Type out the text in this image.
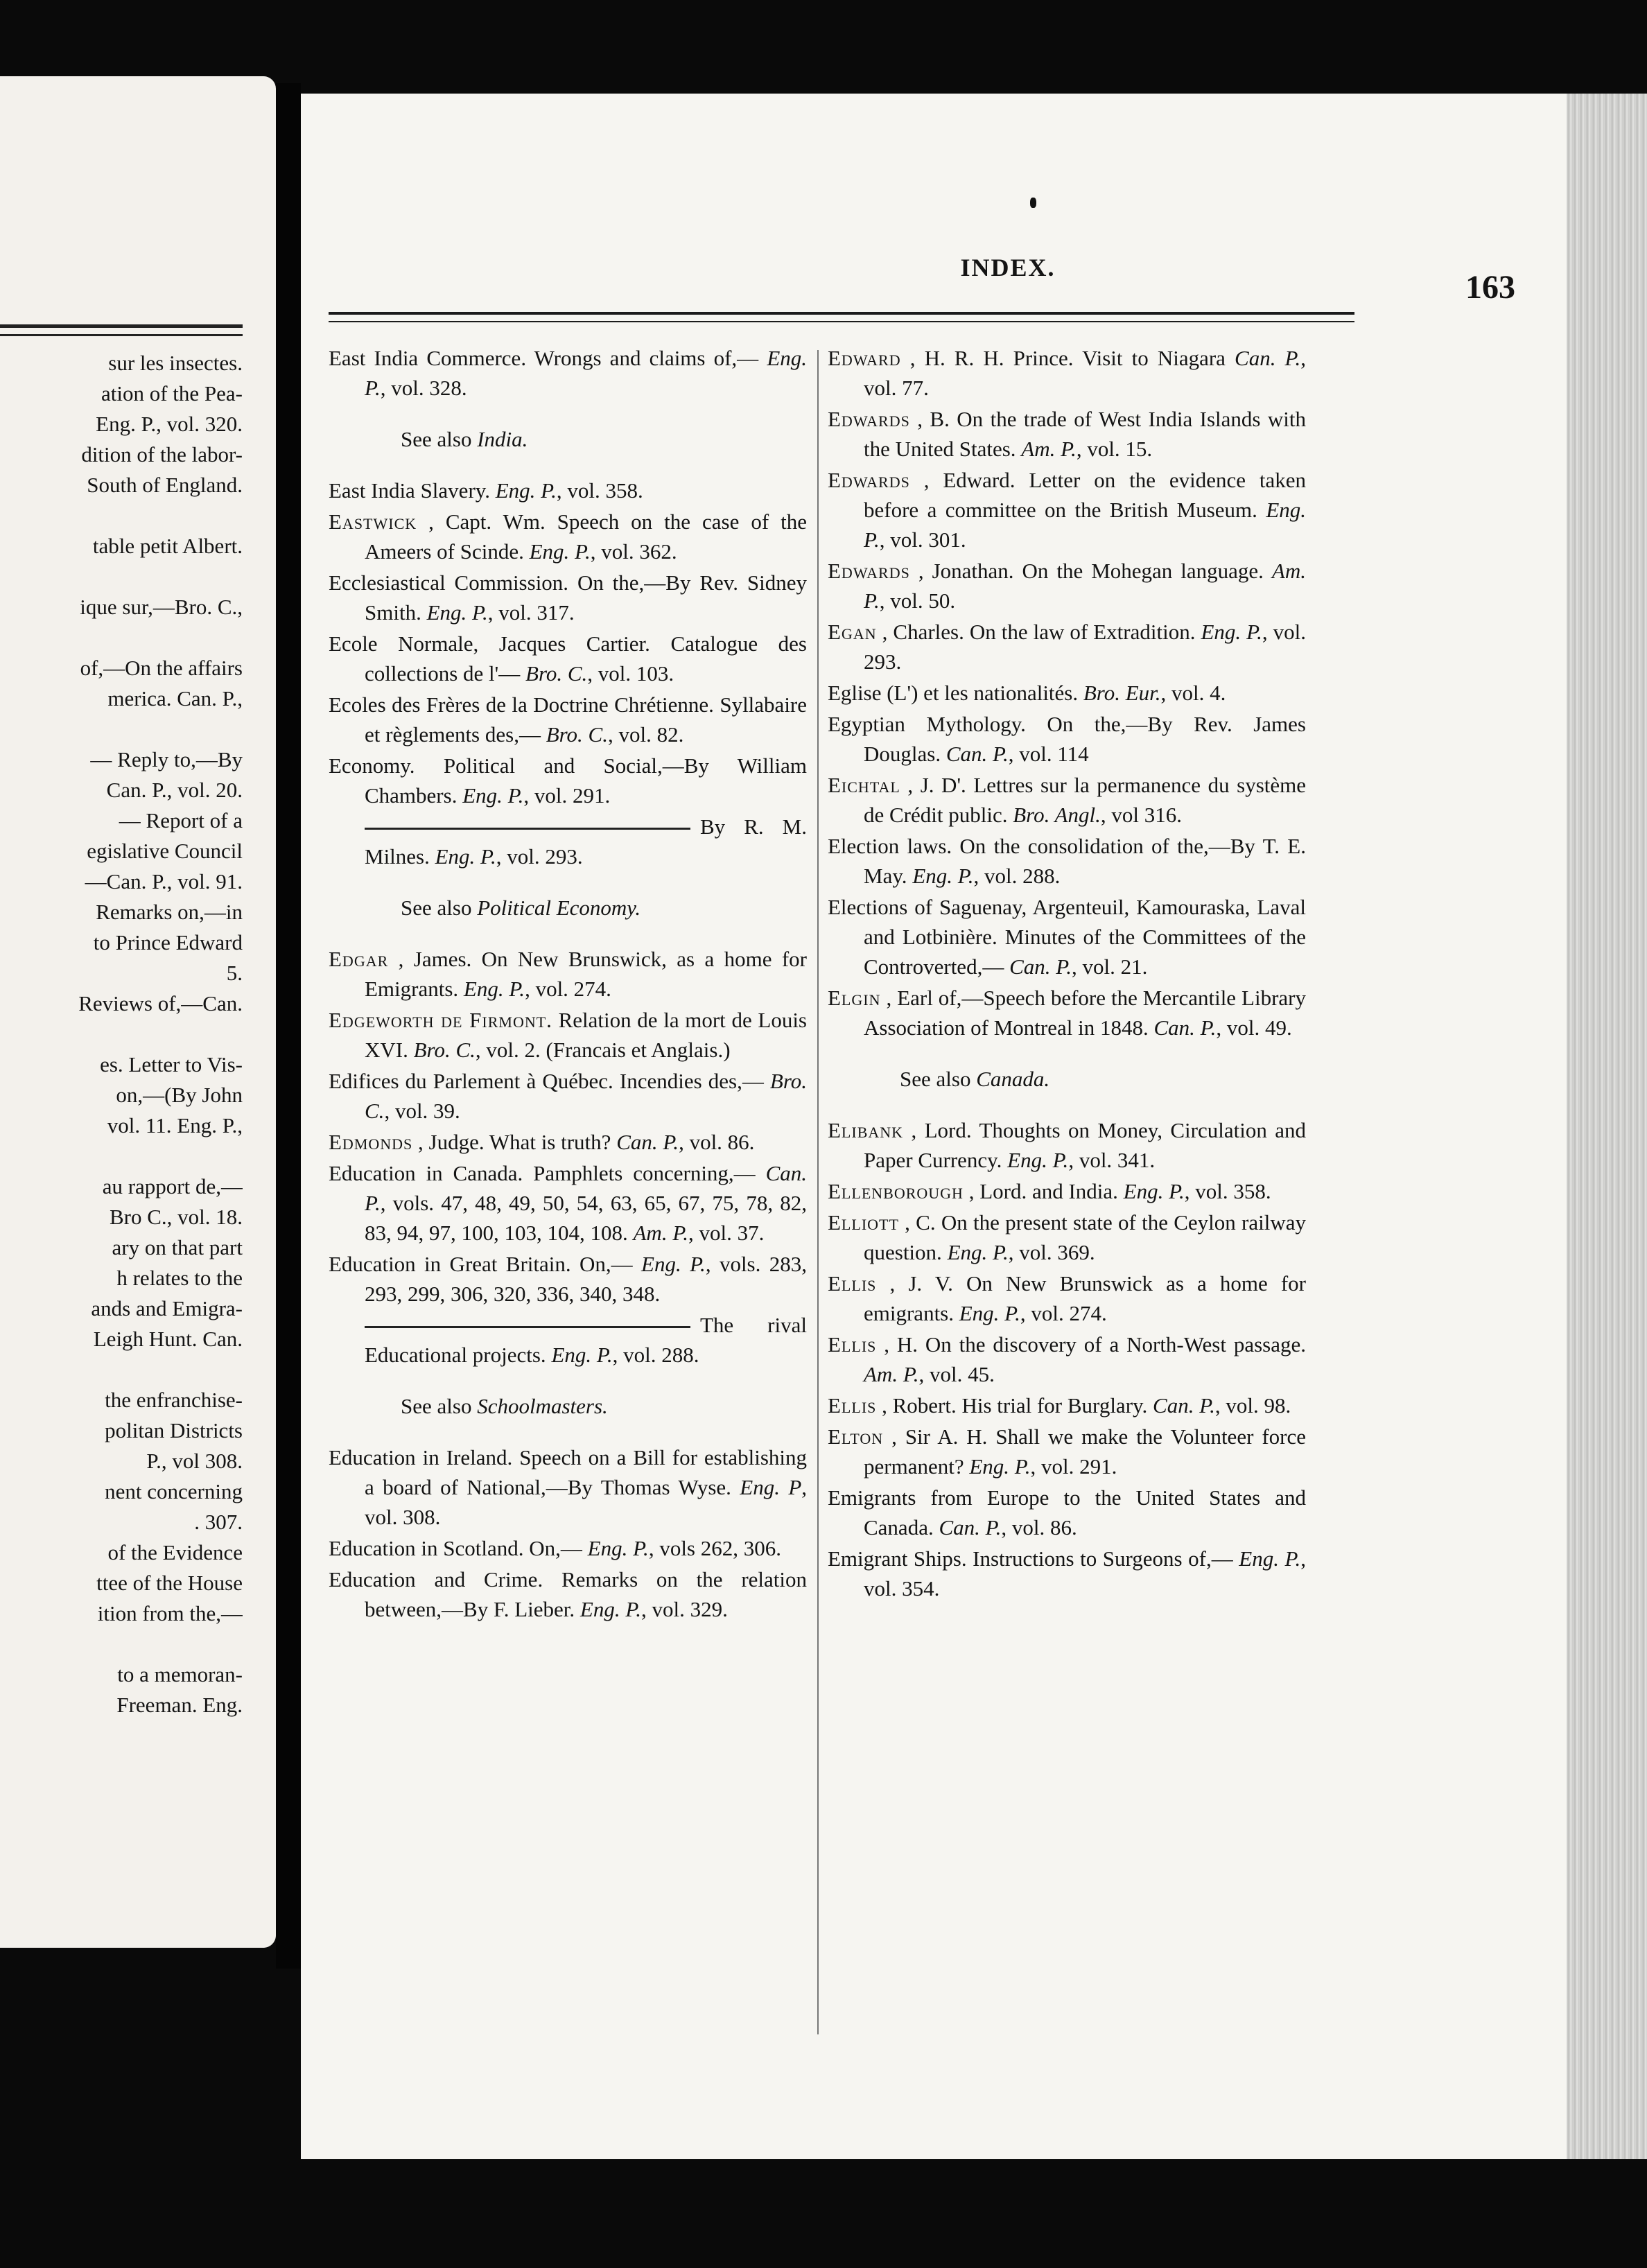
sur les insectes.
ation of the Pea-
Eng. P., vol. 320.
dition of the labor-
South of England.
table petit Albert.
ique sur,—Bro. C.,
of,—On the affairs
merica. Can. P.,
— Reply to,—By
Can. P., vol. 20.
— Report of a
egislative Council
—Can. P., vol. 91.
Remarks on,—in
to Prince Edward
5.
Reviews of,—Can.
es. Letter to Vis-
on,—(By John
vol. 11. Eng. P.,
au rapport de,—
Bro C., vol. 18.
ary on that part
h relates to the
ands and Emigra-
Leigh Hunt. Can.
the enfranchise-
politan Districts
P., vol 308.
nent concerning
. 307.
of the Evidence
ttee of the House
ition from the,—
to a memoran-
Freeman. Eng.
INDEX.
163

East India Commerce. Wrongs and claims of,— Eng. P., vol. 328.

See also India.

East India Slavery. Eng. P., vol. 358.

Eastwick , Capt. Wm. Speech on the case of the Ameers of Scinde. Eng. P., vol. 362.

Ecclesiastical Commission. On the,—By Rev. Sidney Smith. Eng. P., vol. 317.

Ecole Normale, Jacques Cartier. Catalogue des collections de l'— Bro. C., vol. 103.

Ecoles des Frères de la Doctrine Chrétienne. Syllabaire et règlements des,— Bro. C., vol. 82.

Economy. Political and Social,—By William Chambers. Eng. P., vol. 291.

By R. M. Milnes. Eng. P., vol. 293.

See also Political Economy.

Edgar , James. On New Brunswick, as a home for Emigrants. Eng. P., vol. 274.

Edgeworth de Firmont. Relation de la mort de Louis XVI. Bro. C., vol. 2. (Francais et Anglais.)

Edifices du Parlement à Québec. Incendies des,— Bro. C., vol. 39.

Edmonds , Judge. What is truth? Can. P., vol. 86.

Education in Canada. Pamphlets concerning,— Can. P., vols. 47, 48, 49, 50, 54, 63, 65, 67, 75, 78, 82, 83, 94, 97, 100, 103, 104, 108. Am. P., vol. 37.

Education in Great Britain. On,— Eng. P., vols. 283, 293, 299, 306, 320, 336, 340, 348.

The rival Educational projects. Eng. P., vol. 288.

See also Schoolmasters.

Education in Ireland. Speech on a Bill for establishing a board of National,—By Thomas Wyse. Eng. P, vol. 308.

Education in Scotland. On,— Eng. P., vols 262, 306.

Education and Crime. Remarks on the relation between,—By F. Lieber. Eng. P., vol. 329.

Edward , H. R. H. Prince. Visit to Niagara Can. P., vol. 77.

Edwards , B. On the trade of West India Islands with the United States. Am. P., vol. 15.

Edwards , Edward. Letter on the evidence taken before a committee on the British Museum. Eng. P., vol. 301.

Edwards , Jonathan. On the Mohegan language. Am. P., vol. 50.

Egan , Charles. On the law of Extradition. Eng. P., vol. 293.

Eglise (L') et les nationalités. Bro. Eur., vol. 4.

Egyptian Mythology. On the,—By Rev. James Douglas. Can. P., vol. 114

Eichtal , J. D'. Lettres sur la permanence du système de Crédit public. Bro. Angl., vol 316.

Election laws. On the consolidation of the,—By T. E. May. Eng. P., vol. 288.

Elections of Saguenay, Argenteuil, Kamouraska, Laval and Lotbinière. Minutes of the Committees of the Controverted,— Can. P., vol. 21.

Elgin , Earl of,—Speech before the Mercantile Library Association of Montreal in 1848. Can. P., vol. 49.

See also Canada.

Elibank , Lord. Thoughts on Money, Circulation and Paper Currency. Eng. P., vol. 341.

Ellenborough , Lord. and India. Eng. P., vol. 358.

Elliott , C. On the present state of the Ceylon railway question. Eng. P., vol. 369.

Ellis , J. V. On New Brunswick as a home for emigrants. Eng. P., vol. 274.

Ellis , H. On the discovery of a North-West passage. Am. P., vol. 45.

Ellis , Robert. His trial for Burglary. Can. P., vol. 98.

Elton , Sir A. H. Shall we make the Volunteer force permanent? Eng. P., vol. 291.

Emigrants from Europe to the United States and Canada. Can. P., vol. 86.

Emigrant Ships. Instructions to Surgeons of,— Eng. P., vol. 354.
